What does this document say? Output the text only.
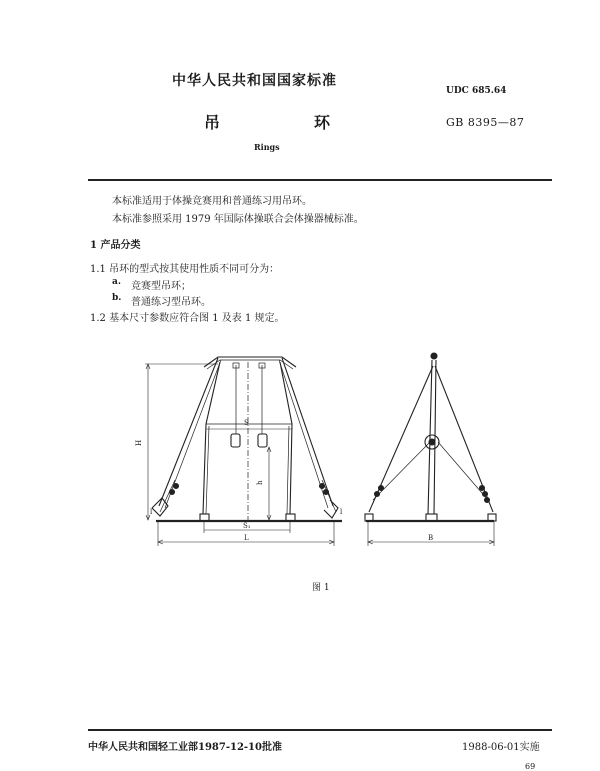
中华人民共和国国家标准
UDC 685.64
吊	环	GB 8395—87
Rings
本标准适用于体操竞赛用和普通练习用吊环。
本标准参照采用 1979 年国际体操联合会体操器械标准。
1 产品分类
1.1 吊环的型式按其使用性质不同可分为：
a. 竞赛型吊环；
b. 普通练习型吊环。
1.2 基本尺寸参数应符合图 1 及表 1 规定。
H
S
h
S₁
L
l	l
B
图 1
中华人民共和国轻工业部1987-12-10批准	1988-06-01实施
69
